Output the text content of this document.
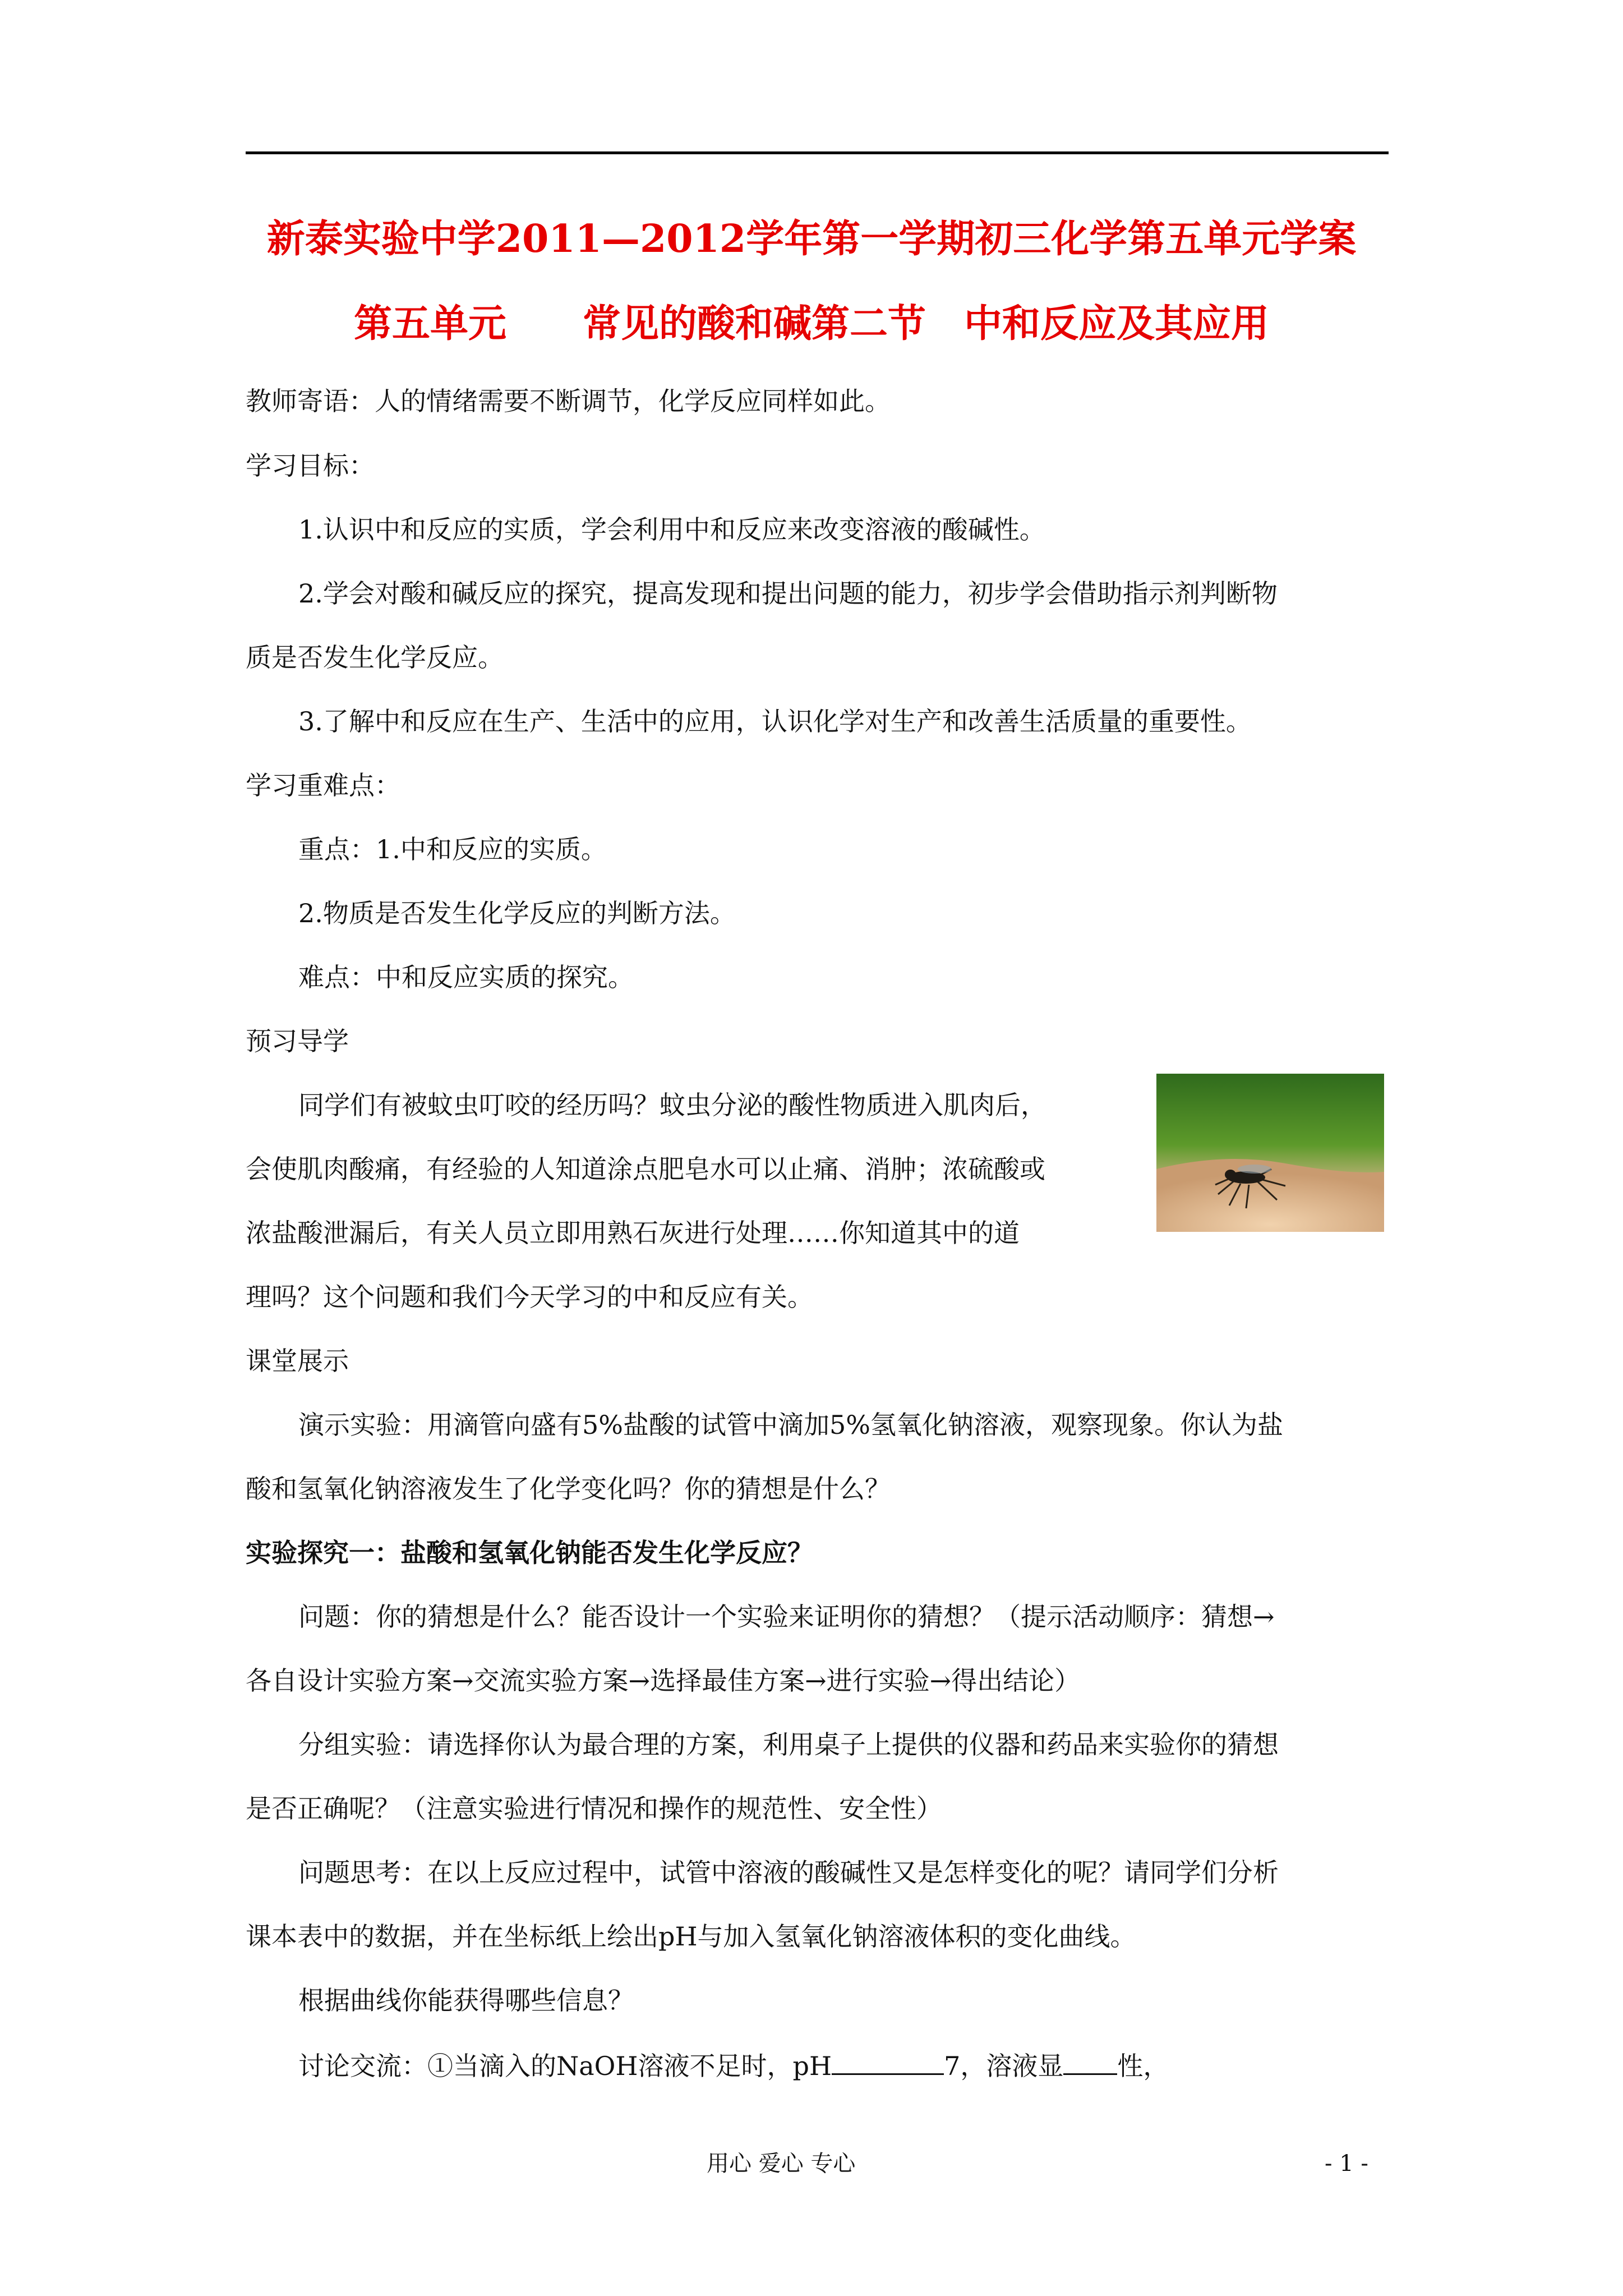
新泰实验中学2011—2012学年第一学期初三化学第五单元学案
第五单元　　常见的酸和碱第二节　中和反应及其应用
教师寄语：人的情绪需要不断调节，化学反应同样如此。
学习目标：
1.认识中和反应的实质，学会利用中和反应来改变溶液的酸碱性。
2.学会对酸和碱反应的探究，提高发现和提出问题的能力，初步学会借助指示剂判断物
质是否发生化学反应。
3.了解中和反应在生产、生活中的应用，认识化学对生产和改善生活质量的重要性。
学习重难点：
重点：1.中和反应的实质。
2.物质是否发生化学反应的判断方法。
难点：中和反应实质的探究。
预习导学
同学们有被蚊虫叮咬的经历吗？蚊虫分泌的酸性物质进入肌肉后，
会使肌肉酸痛，有经验的人知道涂点肥皂水可以止痛、消肿；浓硫酸或
浓盐酸泄漏后，有关人员立即用熟石灰进行处理……你知道其中的道
理吗？这个问题和我们今天学习的中和反应有关。
课堂展示
演示实验：用滴管向盛有5%盐酸的试管中滴加5%氢氧化钠溶液，观察现象。你认为盐
酸和氢氧化钠溶液发生了化学变化吗？你的猜想是什么？
实验探究一：盐酸和氢氧化钠能否发生化学反应？
问题：你的猜想是什么？能否设计一个实验来证明你的猜想？（提示活动顺序：猜想→
各自设计实验方案→交流实验方案→选择最佳方案→进行实验→得出结论）
分组实验：请选择你认为最合理的方案，利用桌子上提供的仪器和药品来实验你的猜想
是否正确呢？（注意实验进行情况和操作的规范性、安全性）
问题思考：在以上反应过程中，试管中溶液的酸碱性又是怎样变化的呢？请同学们分析
课本表中的数据，并在坐标纸上绘出pH与加入氢氧化钠溶液体积的变化曲线。
根据曲线你能获得哪些信息？
讨论交流：①当滴入的NaOH溶液不足时，pH	7，溶液显 性，
用心 爱心 专心	- 1 -
